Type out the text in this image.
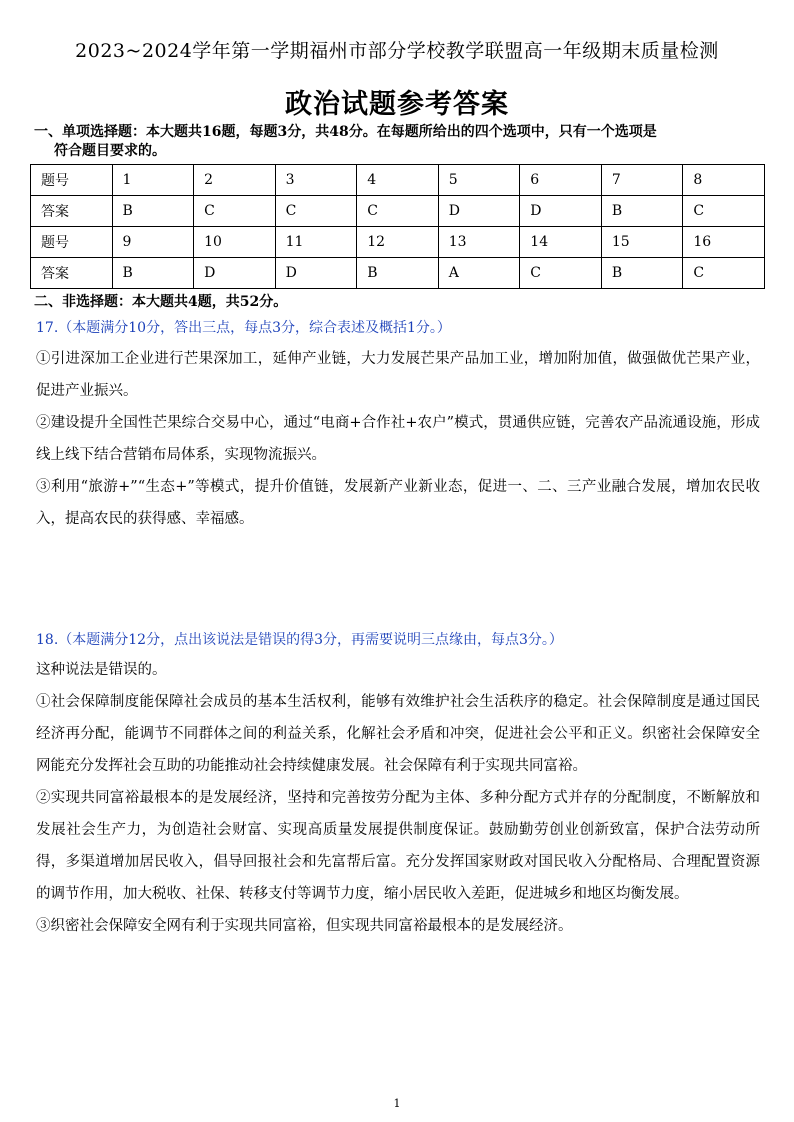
2023~2024学年第一学期福州市部分学校教学联盟高一年级期末质量检测
政治试题参考答案
一、单项选择题：本大题共16题，每题3分，共48分。在每题所给出的四个选项中，只有一个选项是
符合题目要求的。
题号	1	2	3	4	5	6	7	8
答案	B	C	C	C	D	D	B	C
题号	9	10	11	12	13	14	15	16
答案	B	D	D	B	A	C	B	C
二、非选择题：本大题共4题，共52分。
17.（本题满分10分，答出三点，每点3分，综合表述及概括1分。）

①引进深加工企业进行芒果深加工，延伸产业链，大力发展芒果产品加工业，增加附加值，做强做优芒果产业，促进产业振兴。

②建设提升全国性芒果综合交易中心，通过“电商+合作社+农户”模式，贯通供应链，完善农产品流通设施，形成线上线下结合营销布局体系，实现物流振兴。

③利用“旅游+”“生态+”等模式，提升价值链，发展新产业新业态，促进一、二、三产业融合发展，增加农民收入，提高农民的获得感、幸福感。

18.（本题满分12分，点出该说法是错误的得3分，再需要说明三点缘由，每点3分。）

这种说法是错误的。

①社会保障制度能保障社会成员的基本生活权利，能够有效维护社会生活秩序的稳定。社会保障制度是通过国民经济再分配，能调节不同群体之间的利益关系，化解社会矛盾和冲突，促进社会公平和正义。织密社会保障安全网能充分发挥社会互助的功能推动社会持续健康发展。社会保障有利于实现共同富裕。

②实现共同富裕最根本的是发展经济，坚持和完善按劳分配为主体、多种分配方式并存的分配制度，不断解放和发展社会生产力，为创造社会财富、实现高质量发展提供制度保证。鼓励勤劳创业创新致富，保护合法劳动所得，多渠道增加居民收入，倡导回报社会和先富帮后富。充分发挥国家财政对国民收入分配格局、合理配置资源的调节作用，加大税收、社保、转移支付等调节力度，缩小居民收入差距，促进城乡和地区均衡发展。

③织密社会保障安全网有利于实现共同富裕，但实现共同富裕最根本的是发展经济。

1
